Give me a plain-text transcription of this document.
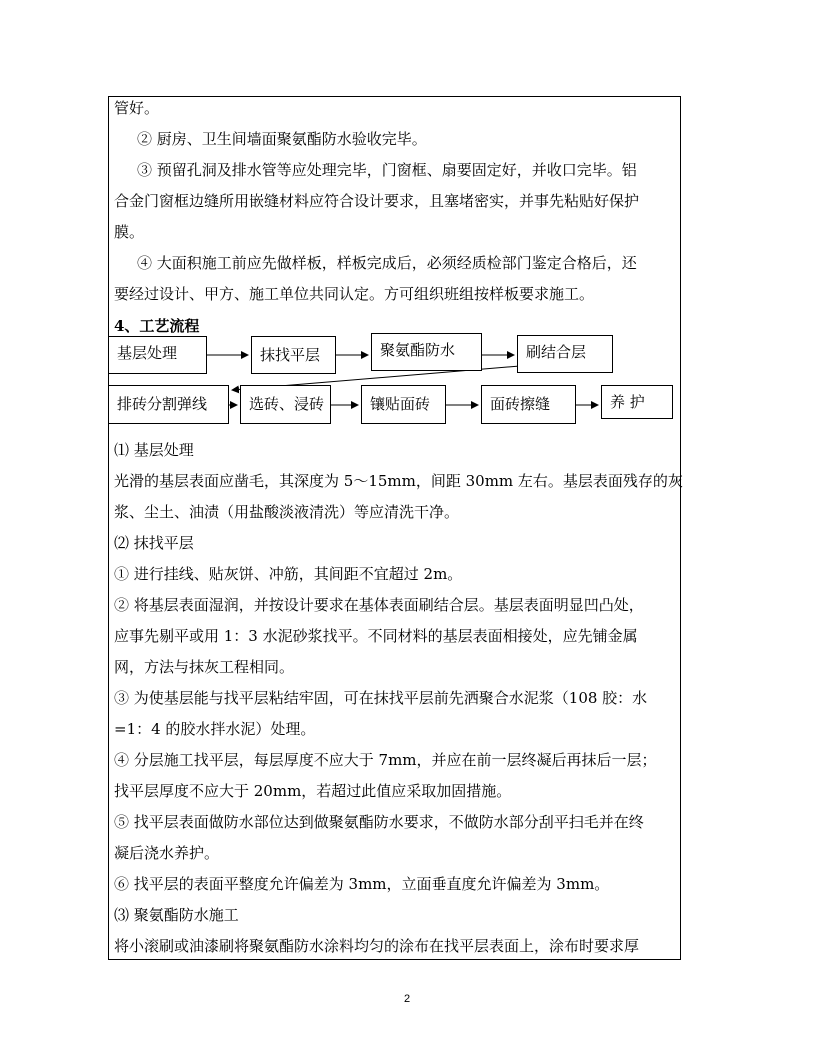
管好。
② 厨房、卫生间墙面聚氨酯防水验收完毕。
③ 预留孔洞及排水管等应处理完毕，门窗框、扇要固定好，并收口完毕。铝
合金门窗框边缝所用嵌缝材料应符合设计要求，且塞堵密实，并事先粘贴好保护
膜。
④ 大面积施工前应先做样板，样板完成后，必须经质检部门鉴定合格后，还
要经过设计、甲方、施工单位共同认定。方可组织班组按样板要求施工。
4、工艺流程
基层处理	抹找平层	聚氨酯防水	刷结合层
排砖分割弹线	选砖、浸砖	镶贴面砖	面砖擦缝	养 护
⑴ 基层处理
光滑的基层表面应凿毛，其深度为 5～15mm，间距 30mm 左右。基层表面残存的灰
浆、尘土、油渍（用盐酸淡液清洗）等应清洗干净。
⑵ 抹找平层
① 进行挂线、贴灰饼、冲筋，其间距不宜超过 2m。
② 将基层表面湿润，并按设计要求在基体表面刷结合层。基层表面明显凹凸处，
应事先剔平或用 1：3 水泥砂浆找平。不同材料的基层表面相接处，应先铺金属
网，方法与抹灰工程相同。
③ 为使基层能与找平层粘结牢固，可在抹找平层前先洒聚合水泥浆（108 胶：水
=1：4 的胶水拌水泥）处理。
④ 分层施工找平层，每层厚度不应大于 7mm，并应在前一层终凝后再抹后一层；
找平层厚度不应大于 20mm，若超过此值应采取加固措施。
⑤ 找平层表面做防水部位达到做聚氨酯防水要求，不做防水部分刮平扫毛并在终
凝后浇水养护。
⑥ 找平层的表面平整度允许偏差为 3mm，立面垂直度允许偏差为 3mm。
⑶ 聚氨酯防水施工
将小滚刷或油漆刷将聚氨酯防水涂料均匀的涂布在找平层表面上，涂布时要求厚
2
